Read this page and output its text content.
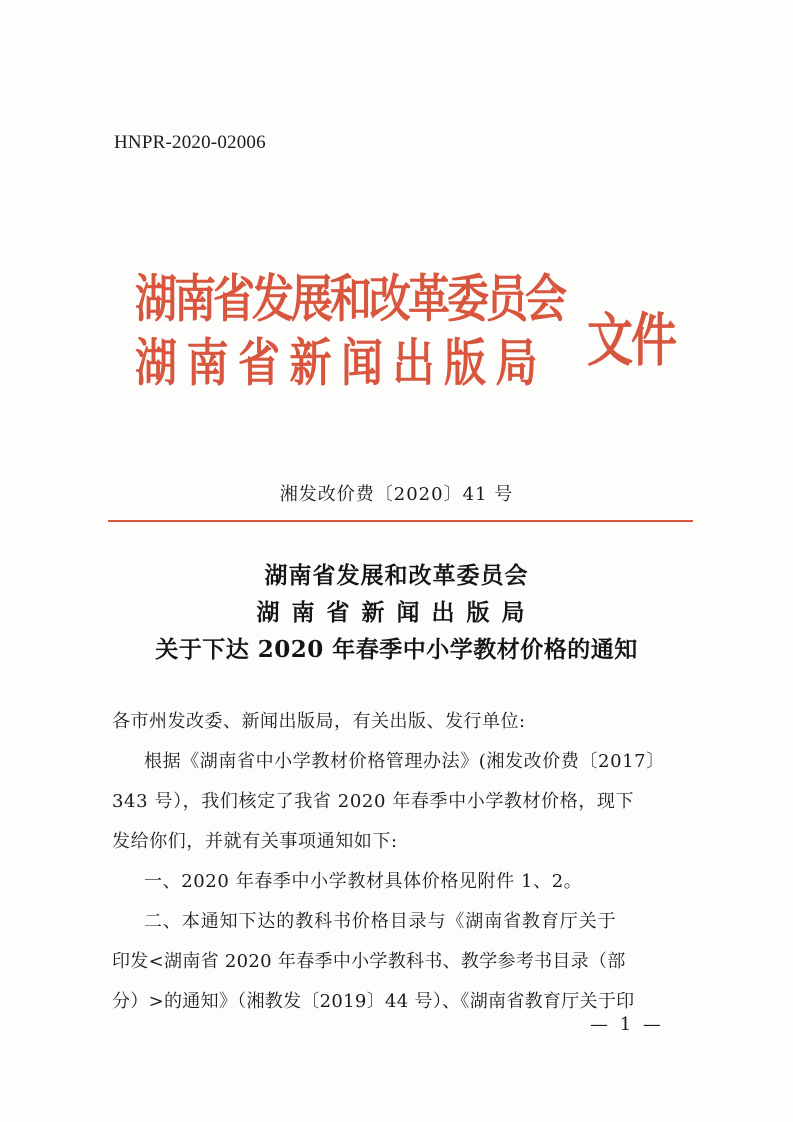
HNPR-2020-02006
湖南省发展和改革委员会
湖南省新闻出版局 文件
湘发改价费〔2020〕41 号
湖南省发展和改革委员会
湖南省新闻出版局
关于下达 2020 年春季中小学教材价格的通知
各市州发改委、新闻出版局，有关出版、发行单位:
根据《湖南省中小学教材价格管理办法》(湘发改价费〔2017〕
343 号），我们核定了我省 2020 年春季中小学教材价格，现下
发给你们，并就有关事项通知如下:
一、2020 年春季中小学教材具体价格见附件 1、2。
二、本通知下达的教科书价格目录与《湖南省教育厅关于
印发<湖南省 2020 年春季中小学教科书、教学参考书目录（部
分）>的通知》（湘教发〔2019〕44 号）、《湖南省教育厅关于印
— 1 —
